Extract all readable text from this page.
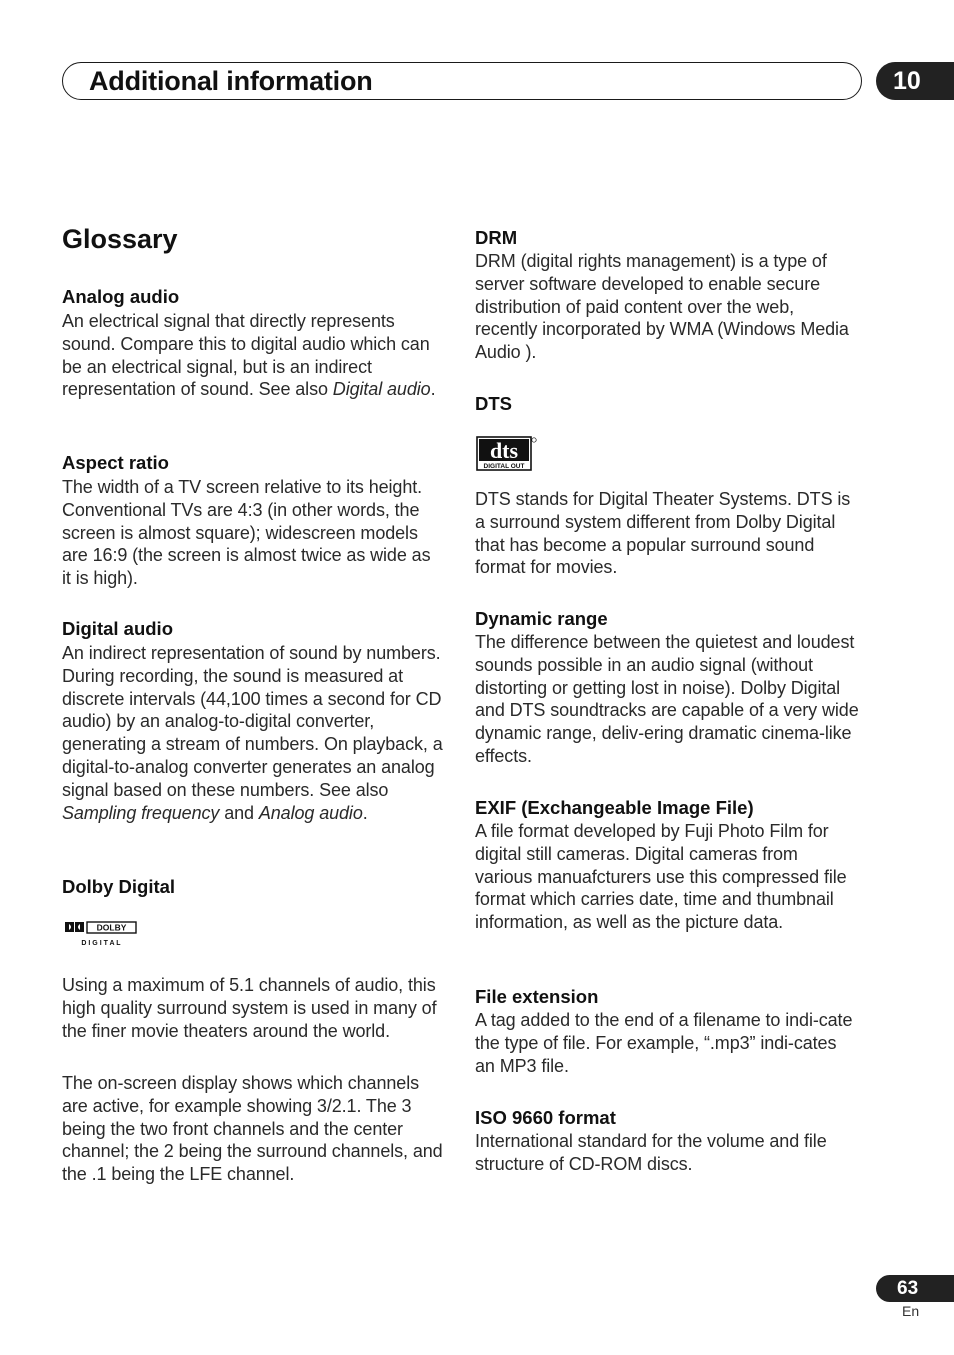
Additional information	10
Glossary
Analog audio

An electrical signal that directly represents sound. Compare this to digital audio which can be an electrical signal, but is an indirect representation of sound. See also Digital audio.

Aspect ratio

The width of a TV screen relative to its height. Conventional TVs are 4:3 (in other words, the screen is almost square); widescreen models are 16:9 (the screen is almost twice as wide as it is high).

Digital audio

An indirect representation of sound by numbers. During recording, the sound is measured at discrete intervals (44,100 times a second for CD audio) by an analog-to-digital converter, generating a stream of numbers. On playback, a digital-to-analog converter generates an analog signal based on these numbers. See also Sampling frequency and Analog audio.

Dolby Digital
DOLBY
D I G I T A L

Using a maximum of 5.1 channels of audio, this high quality surround system is used in many of the finer movie theaters around the world.

The on-screen display shows which channels are active, for example showing 3/2.1. The 3 being the two front channels and the center channel; the 2 being the surround channels, and the .1 being the LFE channel.

DRM

DRM (digital rights management) is a type of server software developed to enable secure distribution of paid content over the web, recently incorporated by WMA (Windows Media Audio ).

DTS
dts
DIGITAL OUT

DTS stands for Digital Theater Systems. DTS is a surround system different from Dolby Digital that has become a popular surround sound format for movies.

Dynamic range

The difference between the quietest and loudest sounds possible in an audio signal (without distorting or getting lost in noise). Dolby Digital and DTS soundtracks are capable of a very wide dynamic range, deliv-ering dramatic cinema-like effects.

EXIF (Exchangeable Image File)

A file format developed by Fuji Photo Film for digital still cameras. Digital cameras from various manuafcturers use this compressed file format which carries date, time and thumbnail information, as well as the picture data.

File extension

A tag added to the end of a filename to indi-cate the type of file. For example, “.mp3” indi-cates an MP3 file.

ISO 9660 format

International standard for the volume and file structure of CD-ROM discs.

63
En
